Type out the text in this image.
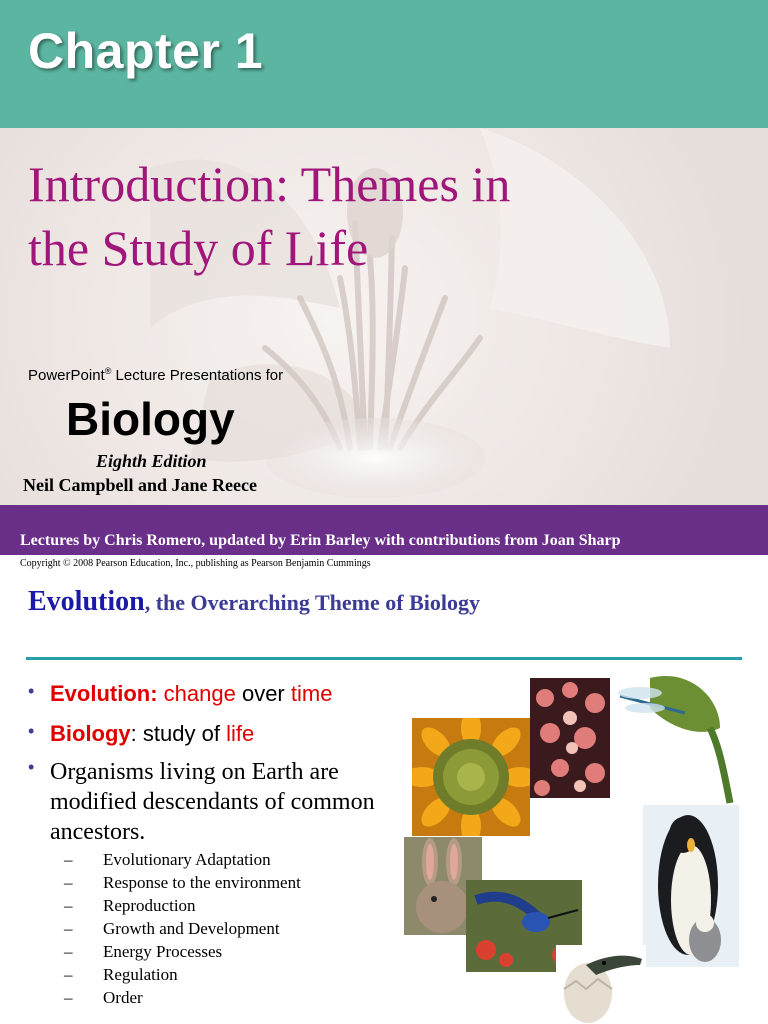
Chapter 1
Introduction: Themes in
the Study of Life
PowerPoint® Lecture Presentations for
Biology
Eighth Edition
Neil Campbell and Jane Reece
Lectures by Chris Romero, updated by Erin Barley with contributions from Joan Sharp
Copyright © 2008 Pearson Education, Inc., publishing as Pearson Benjamin Cummings
Evolution, the Overarching Theme of Biology
• Evolution: change over time
• Biology: study of life
• Organisms living on Earth are modified descendants of common ancestors.
– Evolutionary Adaptation
– Response to the environment
– Reproduction
– Growth and Development
– Energy Processes
– Regulation
– Order
